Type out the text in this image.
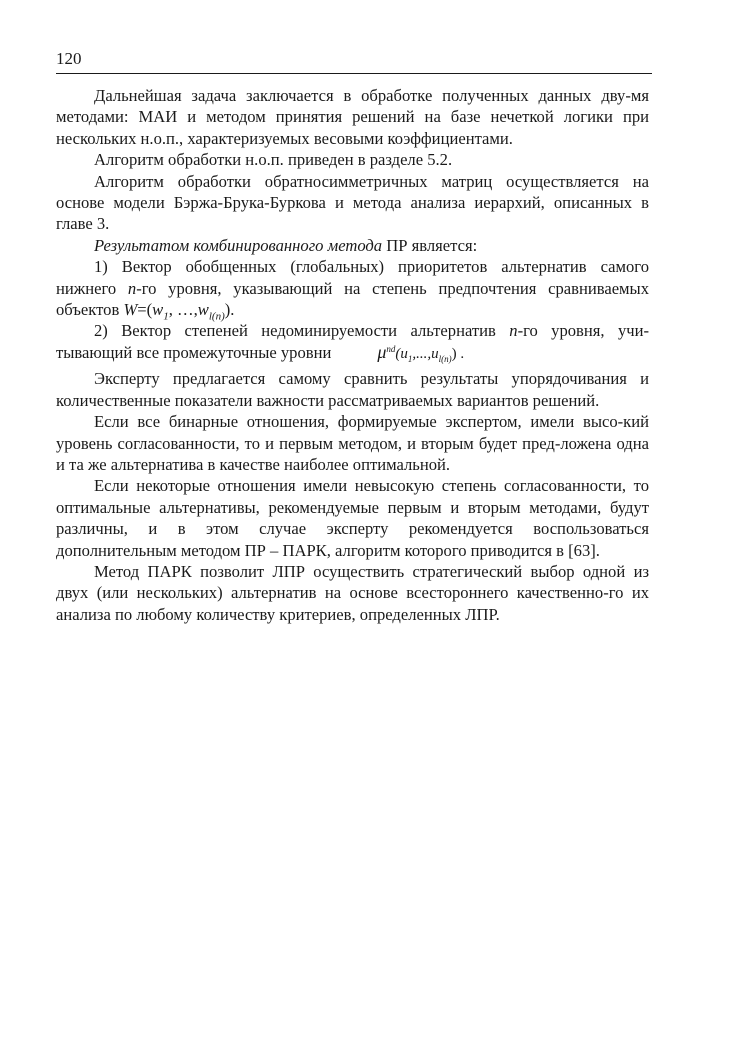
120

Дальнейшая задача заключается в обработке полученных данных дву-мя методами: МАИ и методом принятия решений на базе нечеткой логики при нескольких н.о.п., характеризуемых весовыми коэффициентами.

Алгоритм обработки н.о.п. приведен в разделе 5.2.

Алгоритм обработки обратносимметричных матриц осуществляется на основе модели Бэржа-Брука-Буркова и метода анализа иерархий, описанных в главе 3.

Результатом комбинированного метода ПР является:

1) Вектор обобщенных (глобальных) приоритетов альтернатив самого нижнего n-го уровня, указывающий на степень предпочтения сравниваемых объектов $W=(w_1$, $\dots,w_{l(n)}$).

2) Вектор степеней недоминируемости альтернатив n-го уровня, учи-тывающий все промежуточные уровни	$\mu^{nd}(u_1,...,u_{l(n)})$ .

Эксперту предлагается самому сравнить результаты упорядочивания и количественные показатели важности рассматриваемых вариантов решений.

Если все бинарные отношения, формируемые экспертом, имели высо-кий уровень согласованности, то и первым методом, и вторым будет пред-ложена одна и та же альтернатива в качестве наиболее оптимальной.

Если некоторые отношения имели невысокую степень согласованности, то оптимальные альтернативы, рекомендуемые первым и вторым методами, будут различны, и в этом случае эксперту рекомендуется воспользоваться дополнительным методом ПР – ПАРК, алгоритм которого приводится в [63].

Метод ПАРК позволит ЛПР осуществить стратегический выбор одной из двух (или нескольких) альтернатив на основе всестороннего качественно-го их анализа по любому количеству критериев, определенных ЛПР.
